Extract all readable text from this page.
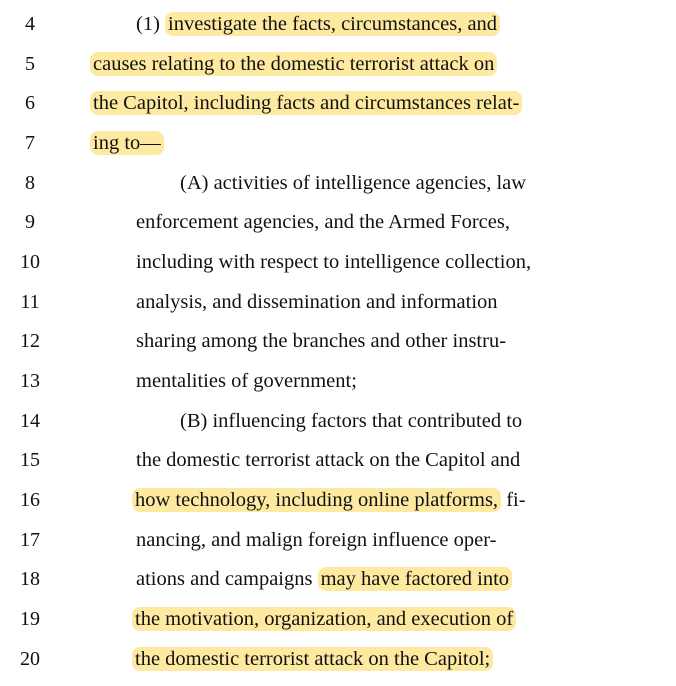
4
5
6
7
8
9
10
11
12
13
14
15
16
17
18
19
20
(1) investigate the facts, circumstances, and
causes relating to the domestic terrorist attack on
the Capitol, including facts and circumstances relat-
ing to—
(A) activities of intelligence agencies, law
enforcement agencies, and the Armed Forces,
including with respect to intelligence collection,
analysis, and dissemination and information
sharing among the branches and other instru-
mentalities of government;
(B) influencing factors that contributed to
the domestic terrorist attack on the Capitol and
how technology, including online platforms, fi-
nancing, and malign foreign influence oper-
ations and campaigns may have factored into
the motivation, organization, and execution of
the domestic terrorist attack on the Capitol;
